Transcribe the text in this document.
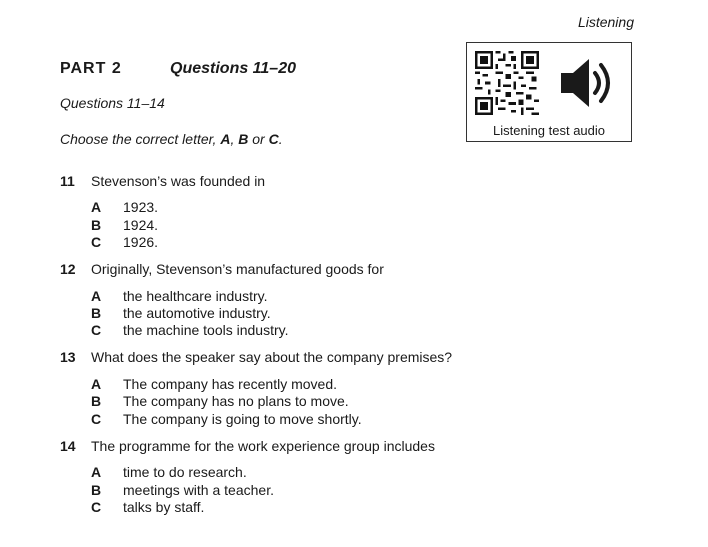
Listening
PART 2	Questions 11–20
Questions 11–14
Choose the correct letter, A, B or C.
Listening test audio
11	Stevenson’s was founded in
A 1923.
B 1924.
C 1926.
12	Originally, Stevenson’s manufactured goods for
A the healthcare industry.
B the automotive industry.
C the machine tools industry.
13	What does the speaker say about the company premises?
A The company has recently moved.
B The company has no plans to move.
C The company is going to move shortly.
14	The programme for the work experience group includes
A time to do research.
B meetings with a teacher.
C talks by staff.
